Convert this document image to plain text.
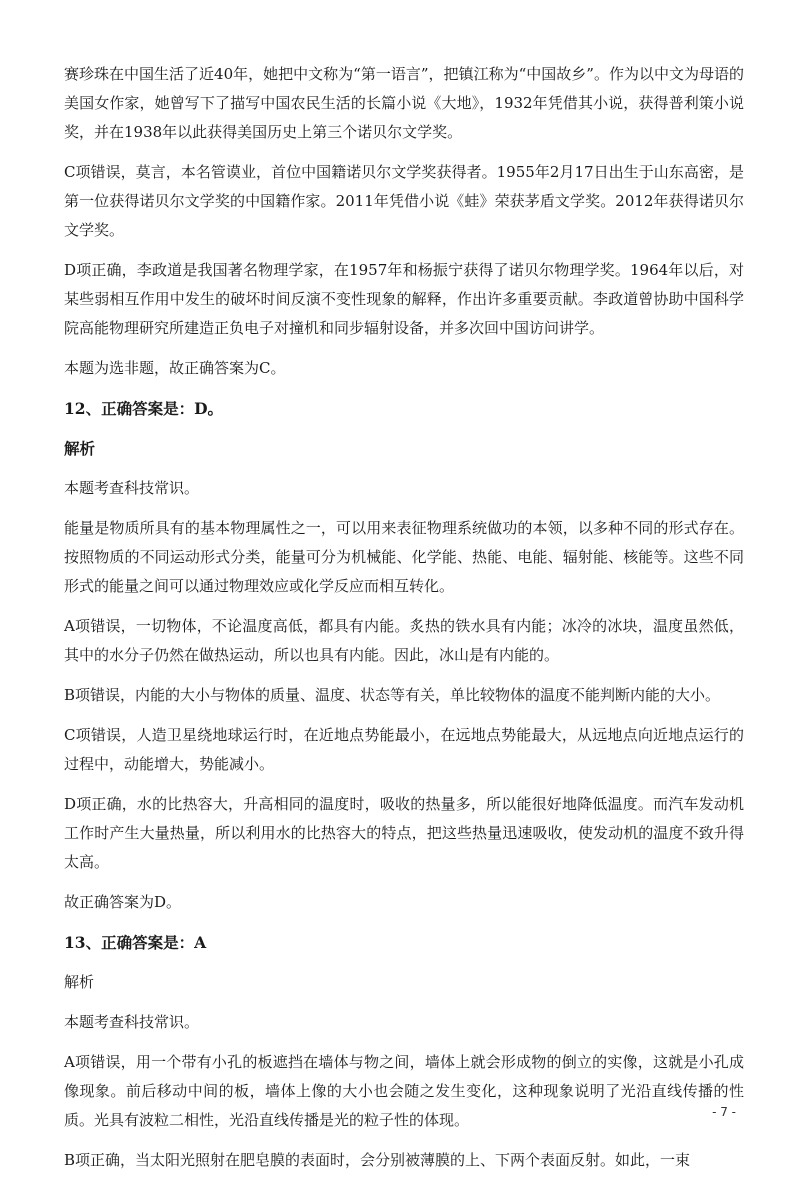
赛珍珠在中国生活了近40年，她把中文称为“第一语言”，把镇江称为“中国故乡”。作为以中文为母语的美国女作家，她曾写下了描写中国农民生活的长篇小说《大地》，1932年凭借其小说，获得普利策小说奖，并在1938年以此获得美国历史上第三个诺贝尔文学奖。

C项错误，莫言，本名管谟业，首位中国籍诺贝尔文学奖获得者。1955年2月17日出生于山东高密，是第一位获得诺贝尔文学奖的中国籍作家。2011年凭借小说《蛙》荣获茅盾文学奖。2012年获得诺贝尔文学奖。

D项正确，李政道是我国著名物理学家，在1957年和杨振宁获得了诺贝尔物理学奖。1964年以后，对某些弱相互作用中发生的破坏时间反演不变性现象的解释，作出许多重要贡献。李政道曾协助中国科学院高能物理研究所建造正负电子对撞机和同步辐射设备，并多次回中国访问讲学。

本题为选非题，故正确答案为C。

12、正确答案是：D。

解析

本题考查科技常识。

能量是物质所具有的基本物理属性之一，可以用来表征物理系统做功的本领，以多种不同的形式存在。按照物质的不同运动形式分类，能量可分为机械能、化学能、热能、电能、辐射能、核能等。这些不同形式的能量之间可以通过物理效应或化学反应而相互转化。

A项错误，一切物体，不论温度高低，都具有内能。炙热的铁水具有内能；冰冷的冰块，温度虽然低，其中的水分子仍然在做热运动，所以也具有内能。因此，冰山是有内能的。

B项错误，内能的大小与物体的质量、温度、状态等有关，单比较物体的温度不能判断内能的大小。

C项错误，人造卫星绕地球运行时，在近地点势能最小，在远地点势能最大，从远地点向近地点运行的过程中，动能增大，势能减小。

D项正确，水的比热容大，升高相同的温度时，吸收的热量多，所以能很好地降低温度。而汽车发动机工作时产生大量热量，所以利用水的比热容大的特点，把这些热量迅速吸收，使发动机的温度不致升得太高。

故正确答案为D。

13、正确答案是：A

解析

本题考查科技常识。

A项错误，用一个带有小孔的板遮挡在墙体与物之间，墙体上就会形成物的倒立的实像，这就是小孔成像现象。前后移动中间的板，墙体上像的大小也会随之发生变化，这种现象说明了光沿直线传播的性质。光具有波粒二相性，光沿直线传播是光的粒子性的体现。

B项正确，当太阳光照射在肥皂膜的表面时，会分别被薄膜的上、下两个表面反射。如此，一束

- 7 -
